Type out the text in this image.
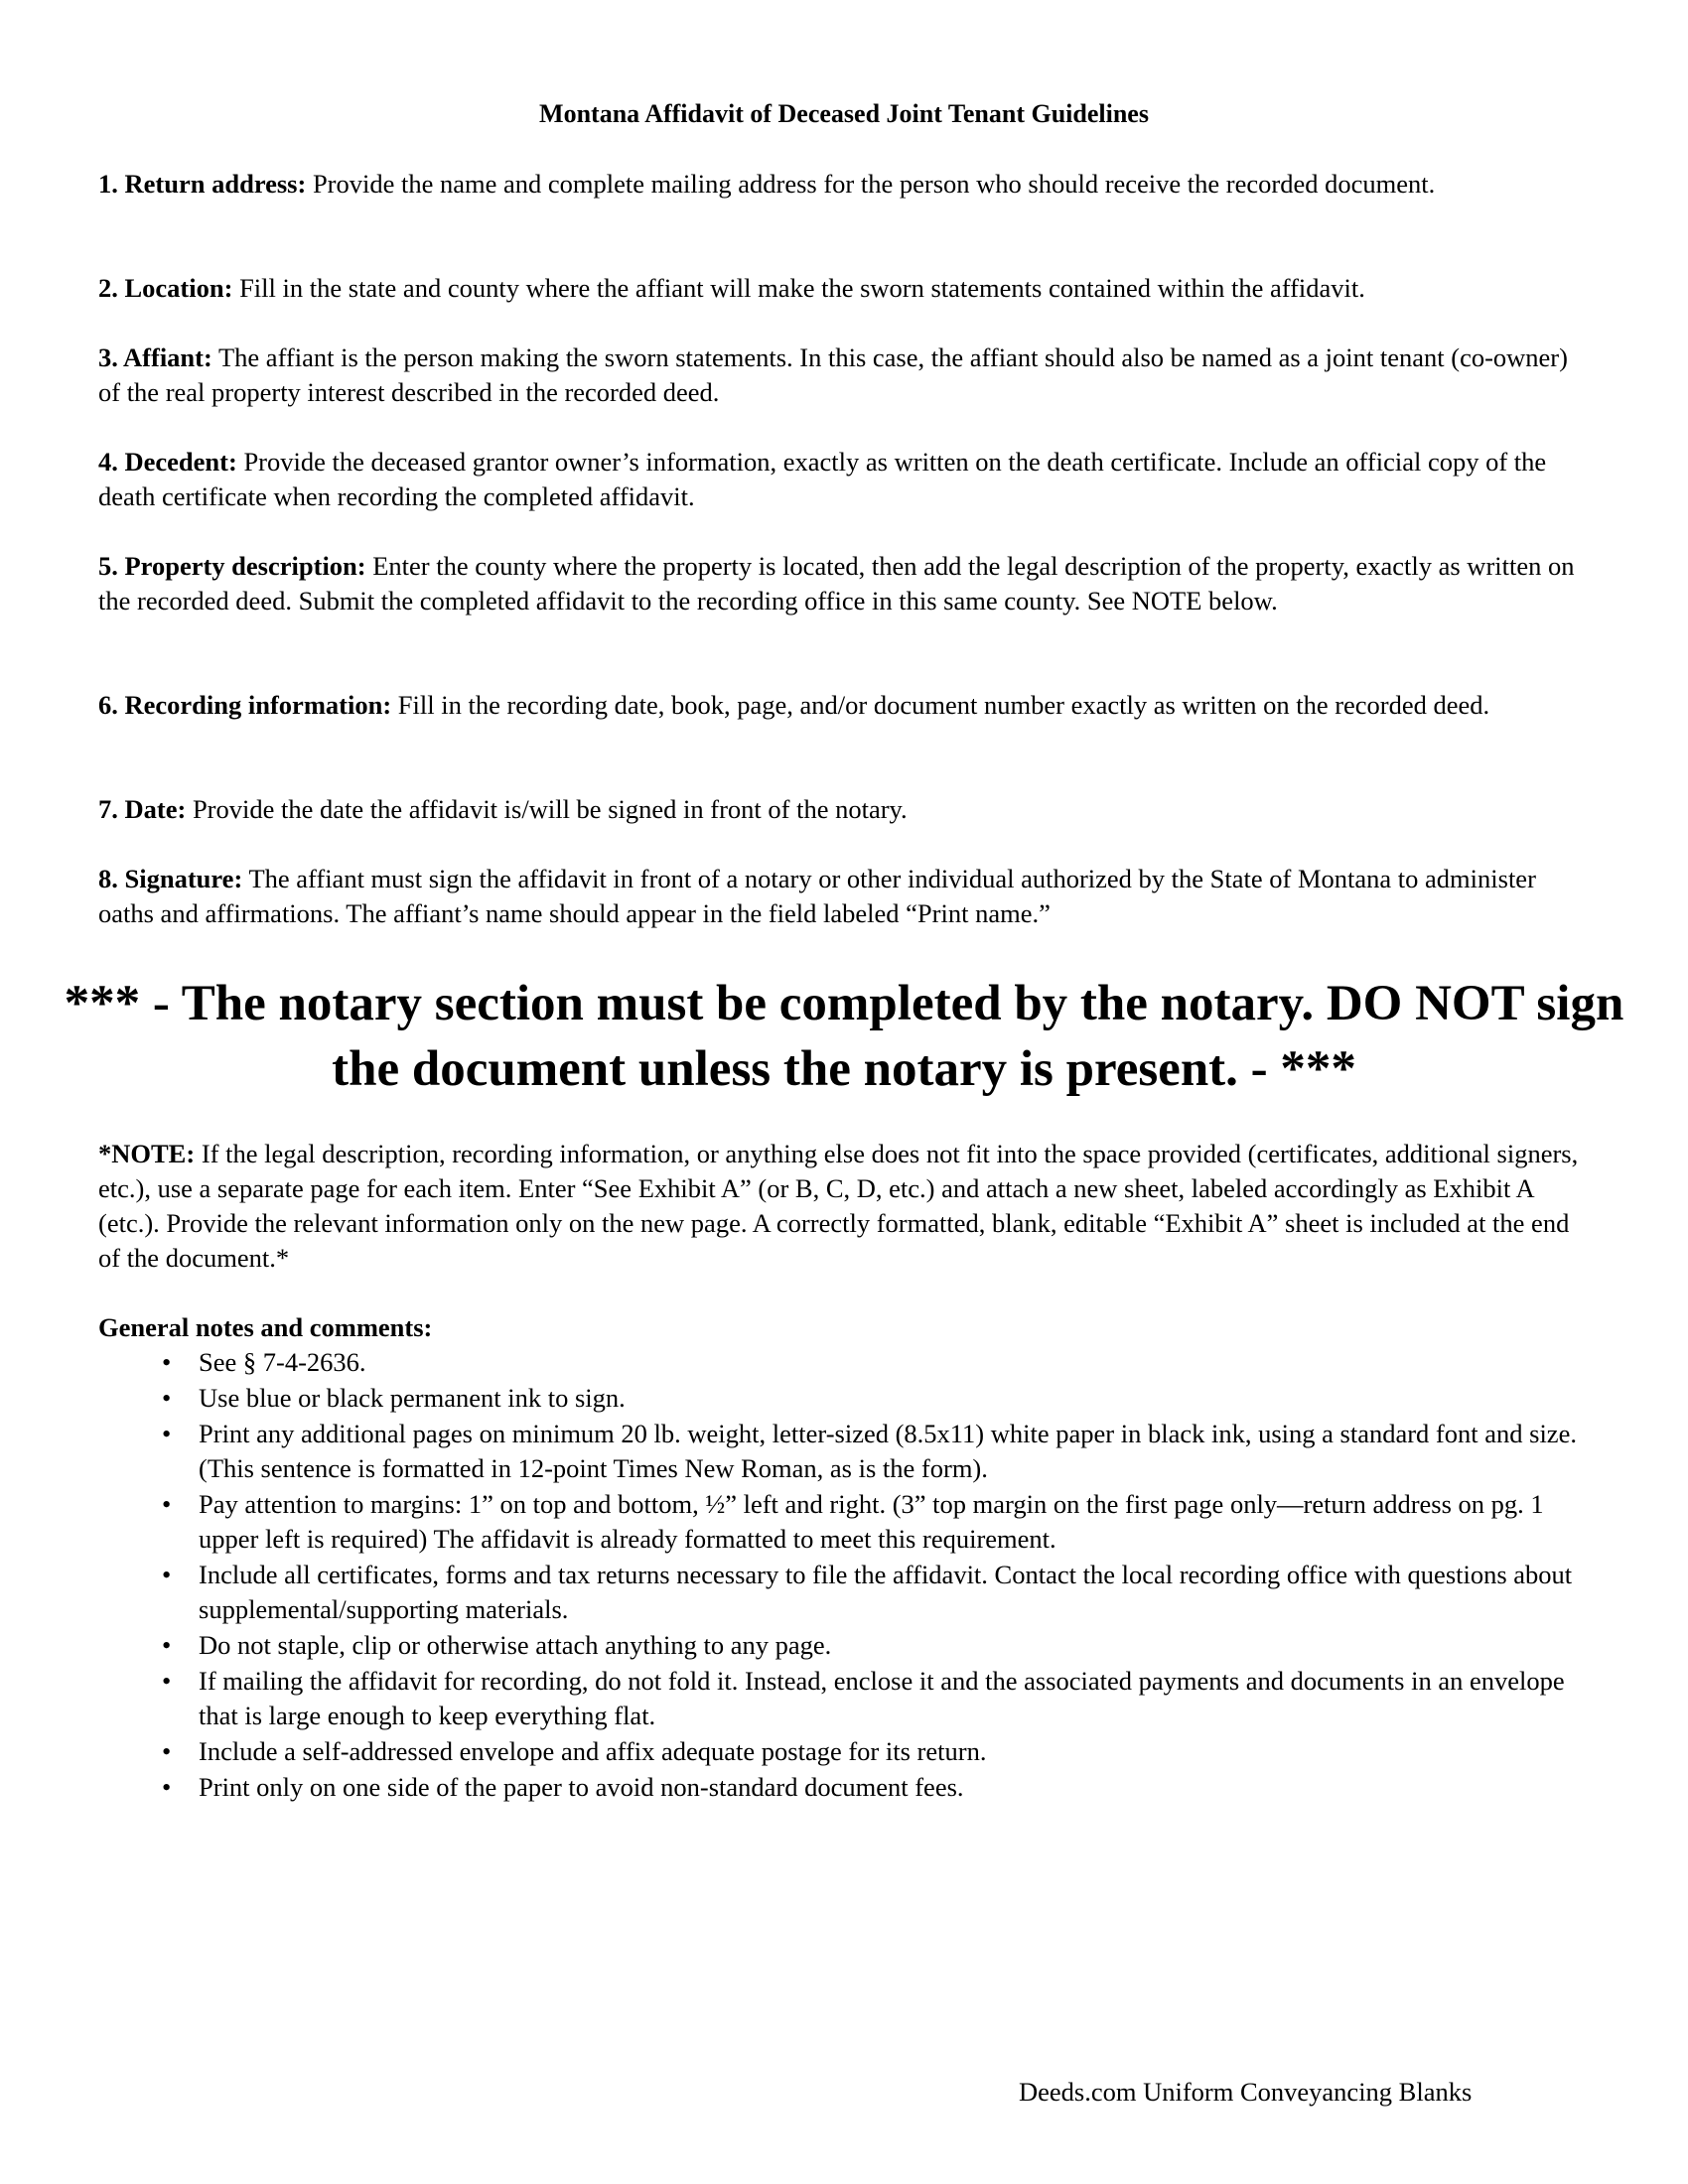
Montana Affidavit of Deceased Joint Tenant Guidelines

1. Return address: Provide the name and complete mailing address for the person who should receive the recorded document.

2. Location: Fill in the state and county where the affiant will make the sworn statements contained within the affidavit.

3. Affiant: The affiant is the person making the sworn statements. In this case, the affiant should also be named as a joint tenant (co-owner) of the real property interest described in the recorded deed.

4. Decedent: Provide the deceased grantor owner’s information, exactly as written on the death certificate. Include an official copy of the death certificate when recording the completed affidavit.

5. Property description: Enter the county where the property is located, then add the legal description of the property, exactly as written on the recorded deed. Submit the completed affidavit to the recording office in this same county. See NOTE below.

6. Recording information: Fill in the recording date, book, page, and/or document number exactly as written on the recorded deed.

7. Date: Provide the date the affidavit is/will be signed in front of the notary.

8. Signature: The affiant must sign the affidavit in front of a notary or other individual authorized by the State of Montana to administer oaths and affirmations. The affiant’s name should appear in the field labeled “Print name.”

*** - The notary section must be completed by the notary. DO NOT sign the document unless the notary is present. - ***

*NOTE: If the legal description, recording information, or anything else does not fit into the space provided (certificates, additional signers, etc.), use a separate page for each item. Enter “See Exhibit A” (or B, C, D, etc.) and attach a new sheet, labeled accordingly as Exhibit A (etc.). Provide the relevant information only on the new page. A correctly formatted, blank, editable “Exhibit A” sheet is included at the end of the document.*

General notes and comments:

• See § 7-4-2636.
• Use blue or black permanent ink to sign.
• Print any additional pages on minimum 20 lb. weight, letter-sized (8.5x11) white paper in black ink, using a standard font and size. (This sentence is formatted in 12-point Times New Roman, as is the form).
• Pay attention to margins: 1” on top and bottom, ½” left and right. (3” top margin on the first page only—return address on pg. 1 upper left is required) The affidavit is already formatted to meet this requirement.
• Include all certificates, forms and tax returns necessary to file the affidavit. Contact the local recording office with questions about supplemental/supporting materials.
• Do not staple, clip or otherwise attach anything to any page.
• If mailing the affidavit for recording, do not fold it. Instead, enclose it and the associated payments and documents in an envelope that is large enough to keep everything flat.
• Include a self-addressed envelope and affix adequate postage for its return.
• Print only on one side of the paper to avoid non-standard document fees.

Deeds.com Uniform Conveyancing Blanks
